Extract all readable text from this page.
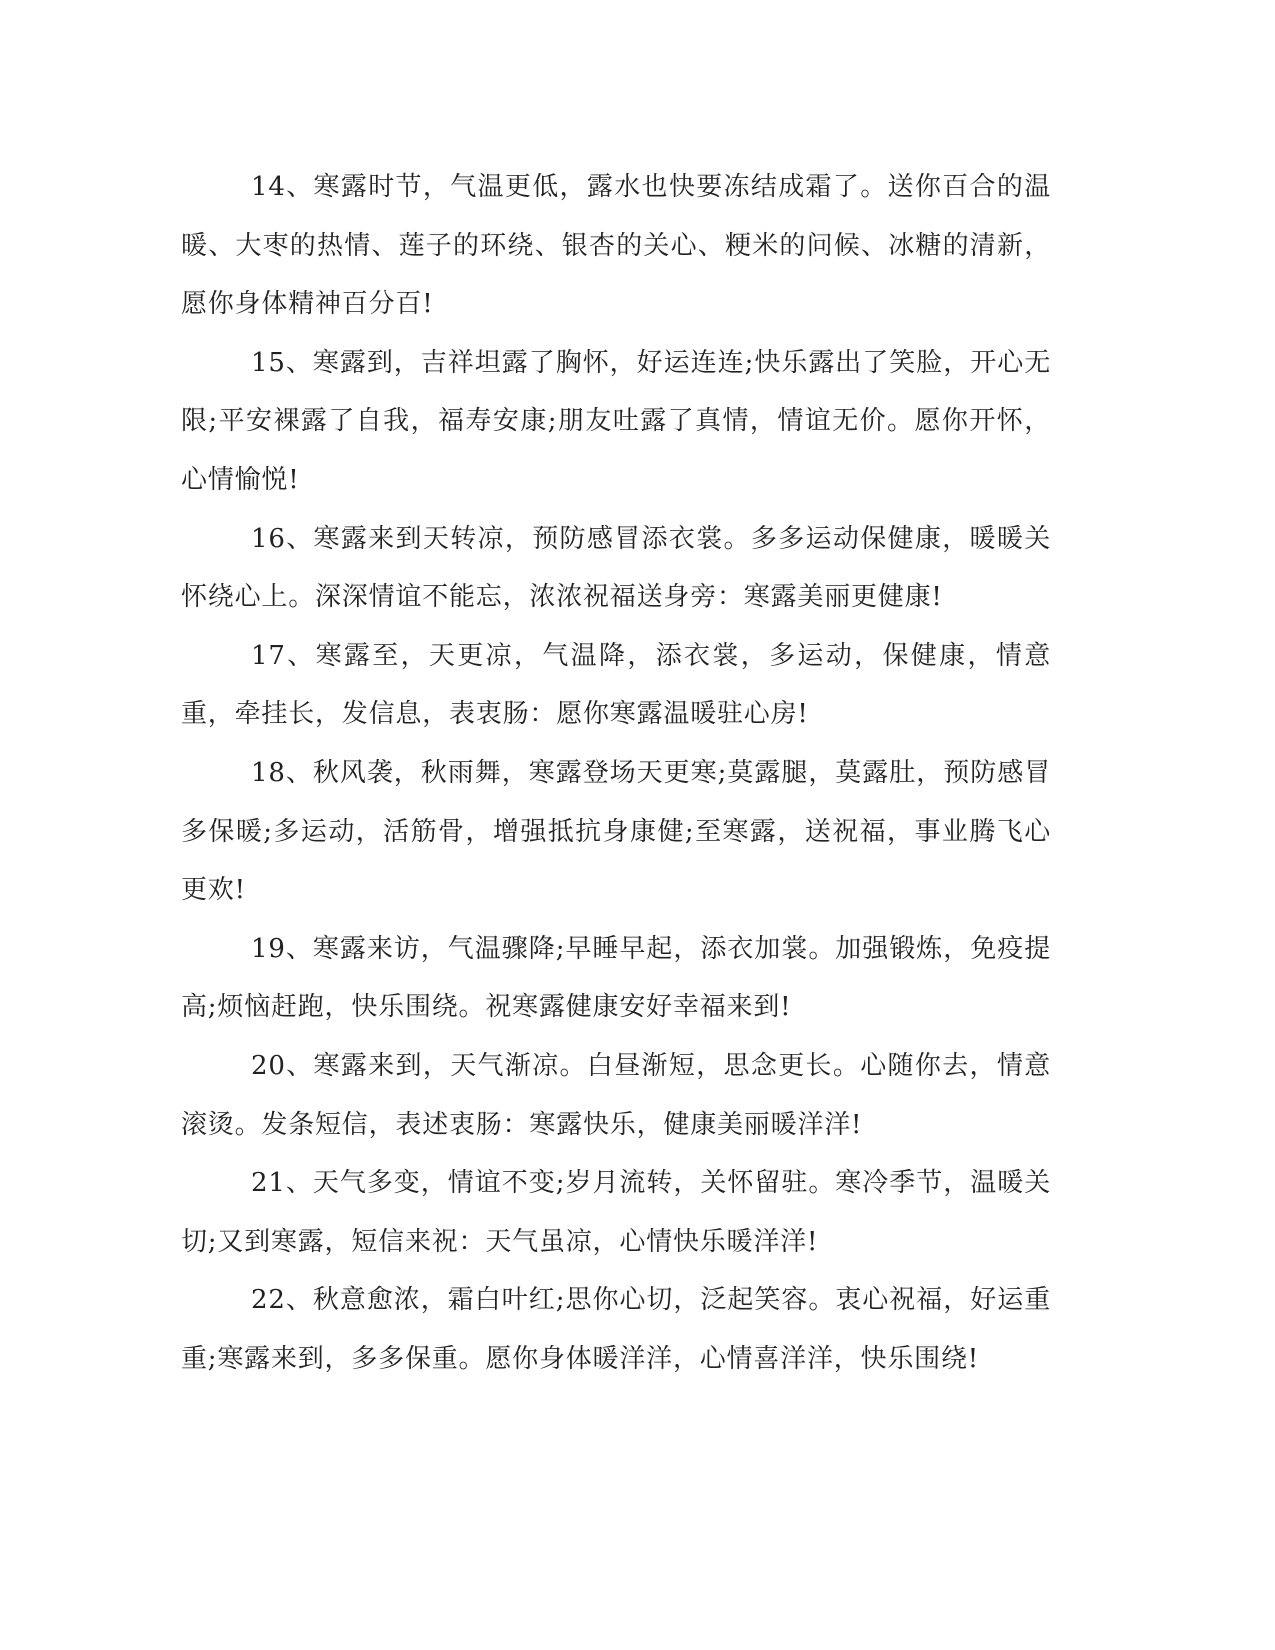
14、寒露时节，气温更低，露水也快要冻结成霜了。送你百合的温暖、大枣的热情、莲子的环绕、银杏的关心、粳米的问候、冰糖的清新，愿你身体精神百分百!

15、寒露到，吉祥坦露了胸怀，好运连连;快乐露出了笑脸，开心无限;平安裸露了自我，福寿安康;朋友吐露了真情，情谊无价。愿你开怀，心情愉悦!

16、寒露来到天转凉，预防感冒添衣裳。多多运动保健康，暖暖关怀绕心上。深深情谊不能忘，浓浓祝福送身旁：寒露美丽更健康!

17、寒露至，天更凉，气温降，添衣裳，多运动，保健康，情意重，牵挂长，发信息，表衷肠：愿你寒露温暖驻心房!

18、秋风袭，秋雨舞，寒露登场天更寒;莫露腿，莫露肚，预防感冒多保暖;多运动，活筋骨，增强抵抗身康健;至寒露，送祝福，事业腾飞心更欢!

19、寒露来访，气温骤降;早睡早起，添衣加裳。加强锻炼，免疫提高;烦恼赶跑，快乐围绕。祝寒露健康安好幸福来到!

20、寒露来到，天气渐凉。白昼渐短，思念更长。心随你去，情意滚烫。发条短信，表述衷肠：寒露快乐，健康美丽暖洋洋!

21、天气多变，情谊不变;岁月流转，关怀留驻。寒冷季节，温暖关切;又到寒露，短信来祝：天气虽凉，心情快乐暖洋洋!

22、秋意愈浓，霜白叶红;思你心切，泛起笑容。衷心祝福，好运重重;寒露来到，多多保重。愿你身体暖洋洋，心情喜洋洋，快乐围绕!
